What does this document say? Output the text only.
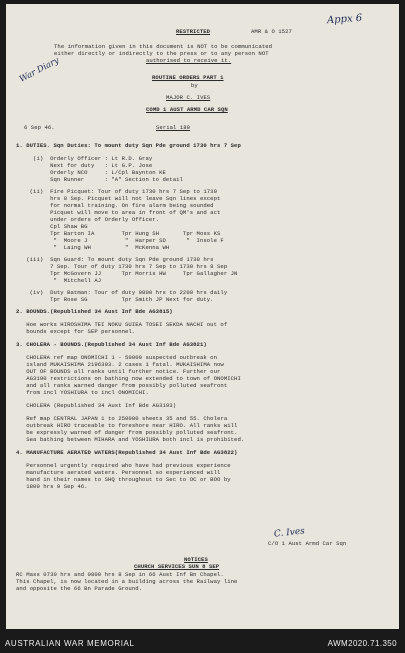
Appx 6
War Diary
RESTRICTED	AMR & O 1527
The information given in this document is NOT to be communicated
either directly or indirectly to the press or to any person NOT
authorised to receive it.
ROUTINE ORDERS PART 1
by
MAJOR C. IVES
COMD 1 AUST ARMD CAR SQN
6 Sep 46.	Serial 180
1. DUTIES. Sqn Duties: To mount duty Sqn Pde ground 1730 hrs 7 Sep
(i)  Orderly Officer : Lt R.D. Gray
Next for duty   : Lt G.P. Jose
Orderly NCO     : L/Cpl Baynton KE
Sqn Runner      : "A" Section to detail
(ii)  Fire Picquet: Tour of duty 1730 hrs 7 Sep to 1730
hrs 8 Sep. Picquet will not leave Sqn lines except
for normal training. On fire alarm being sounded
Picquet will move to area in front of QM's and act
under orders of Orderly Officer.
Cpl Shaw BG
Tpr Barton IA        Tpr Hung SH       Tpr Moss KS
"  Moore J           "  Harper SD      "  Insole F
"  Laing WH          "  McKenna WH
(iii)  Sqn Guard: To mount duty Sqn Pde ground 1730 hrs
7 Sep. Tour of duty 1730 hrs 7 Sep to 1730 hrs 8 Sep
Tpr McGovern JJ      Tpr Morris HW     Tpr Gallagher JN
"  Mitchell AJ
(iv)  Duty Batman: Tour of duty 0800 hrs to 2200 hrs daily
Tpr Rose SG          Tpr Smith JP Next for duty.
2. BOUNDS.(Republished 34 Aust Inf Bde AG3815)
Hoe works HIROSHIMA TEI NOKU SUIEA TOSEI SEKDA NACHI out of
bounds except for SEP personnel.
3. CHOLERA - BOUNDS.(Republished 34 Aust Inf Bde AG3821)
CHOLERA ref map ONOMICHI 1 - 50000 suspected outbreak on
island MUKAISHIMA 2196303. 2 cases 1 fatal. MUKAISHIMA now
OUT OF BOUNDS all ranks until further notice. Further our
AG3190 restrictions on bathing now extended to town of ONOMICHI
and all ranks warned danger from possibly polluted seafront
from incl YOSHIURA to incl ONOMICHI.
CHOLERA (Republished 34 Aust Inf Bde AG3193)
Ref map CENTRAL JAPAN 1 to 250000 sheets 35 and 55. Cholera
outbreak HIRO traceable to foreshore near HIRO. All ranks will
be expressly warned of danger from possibly polluted seafront.
Sea bathing between MIHARA and YOSHIURA both incl is prohibited.
4. MANUFACTURE AERATED WATERS(Republished 34 Aust Inf Bde AG3822)
Personnel urgently required who have had previous experience
manufacture aerated waters. Personnel so experienced will
hand in their names to SHQ throughout to Sec to OC or BOO by
1800 hrs 9 Sep 46.
C. Ives
C/O 1 Aust Armd Car Sqn
NOTICES
CHURCH SERVICES SUN 8 SEP
RC Mass 0730 hrs and 0800 hrs 8 Sep in 66 Aust Inf Bn Chapel.
This Chapel, is now located in a building across the Railway line
and opposite the 66 Bn Parade Ground.
AUSTRALIAN WAR MEMORIAL	AWM2020.71.350
